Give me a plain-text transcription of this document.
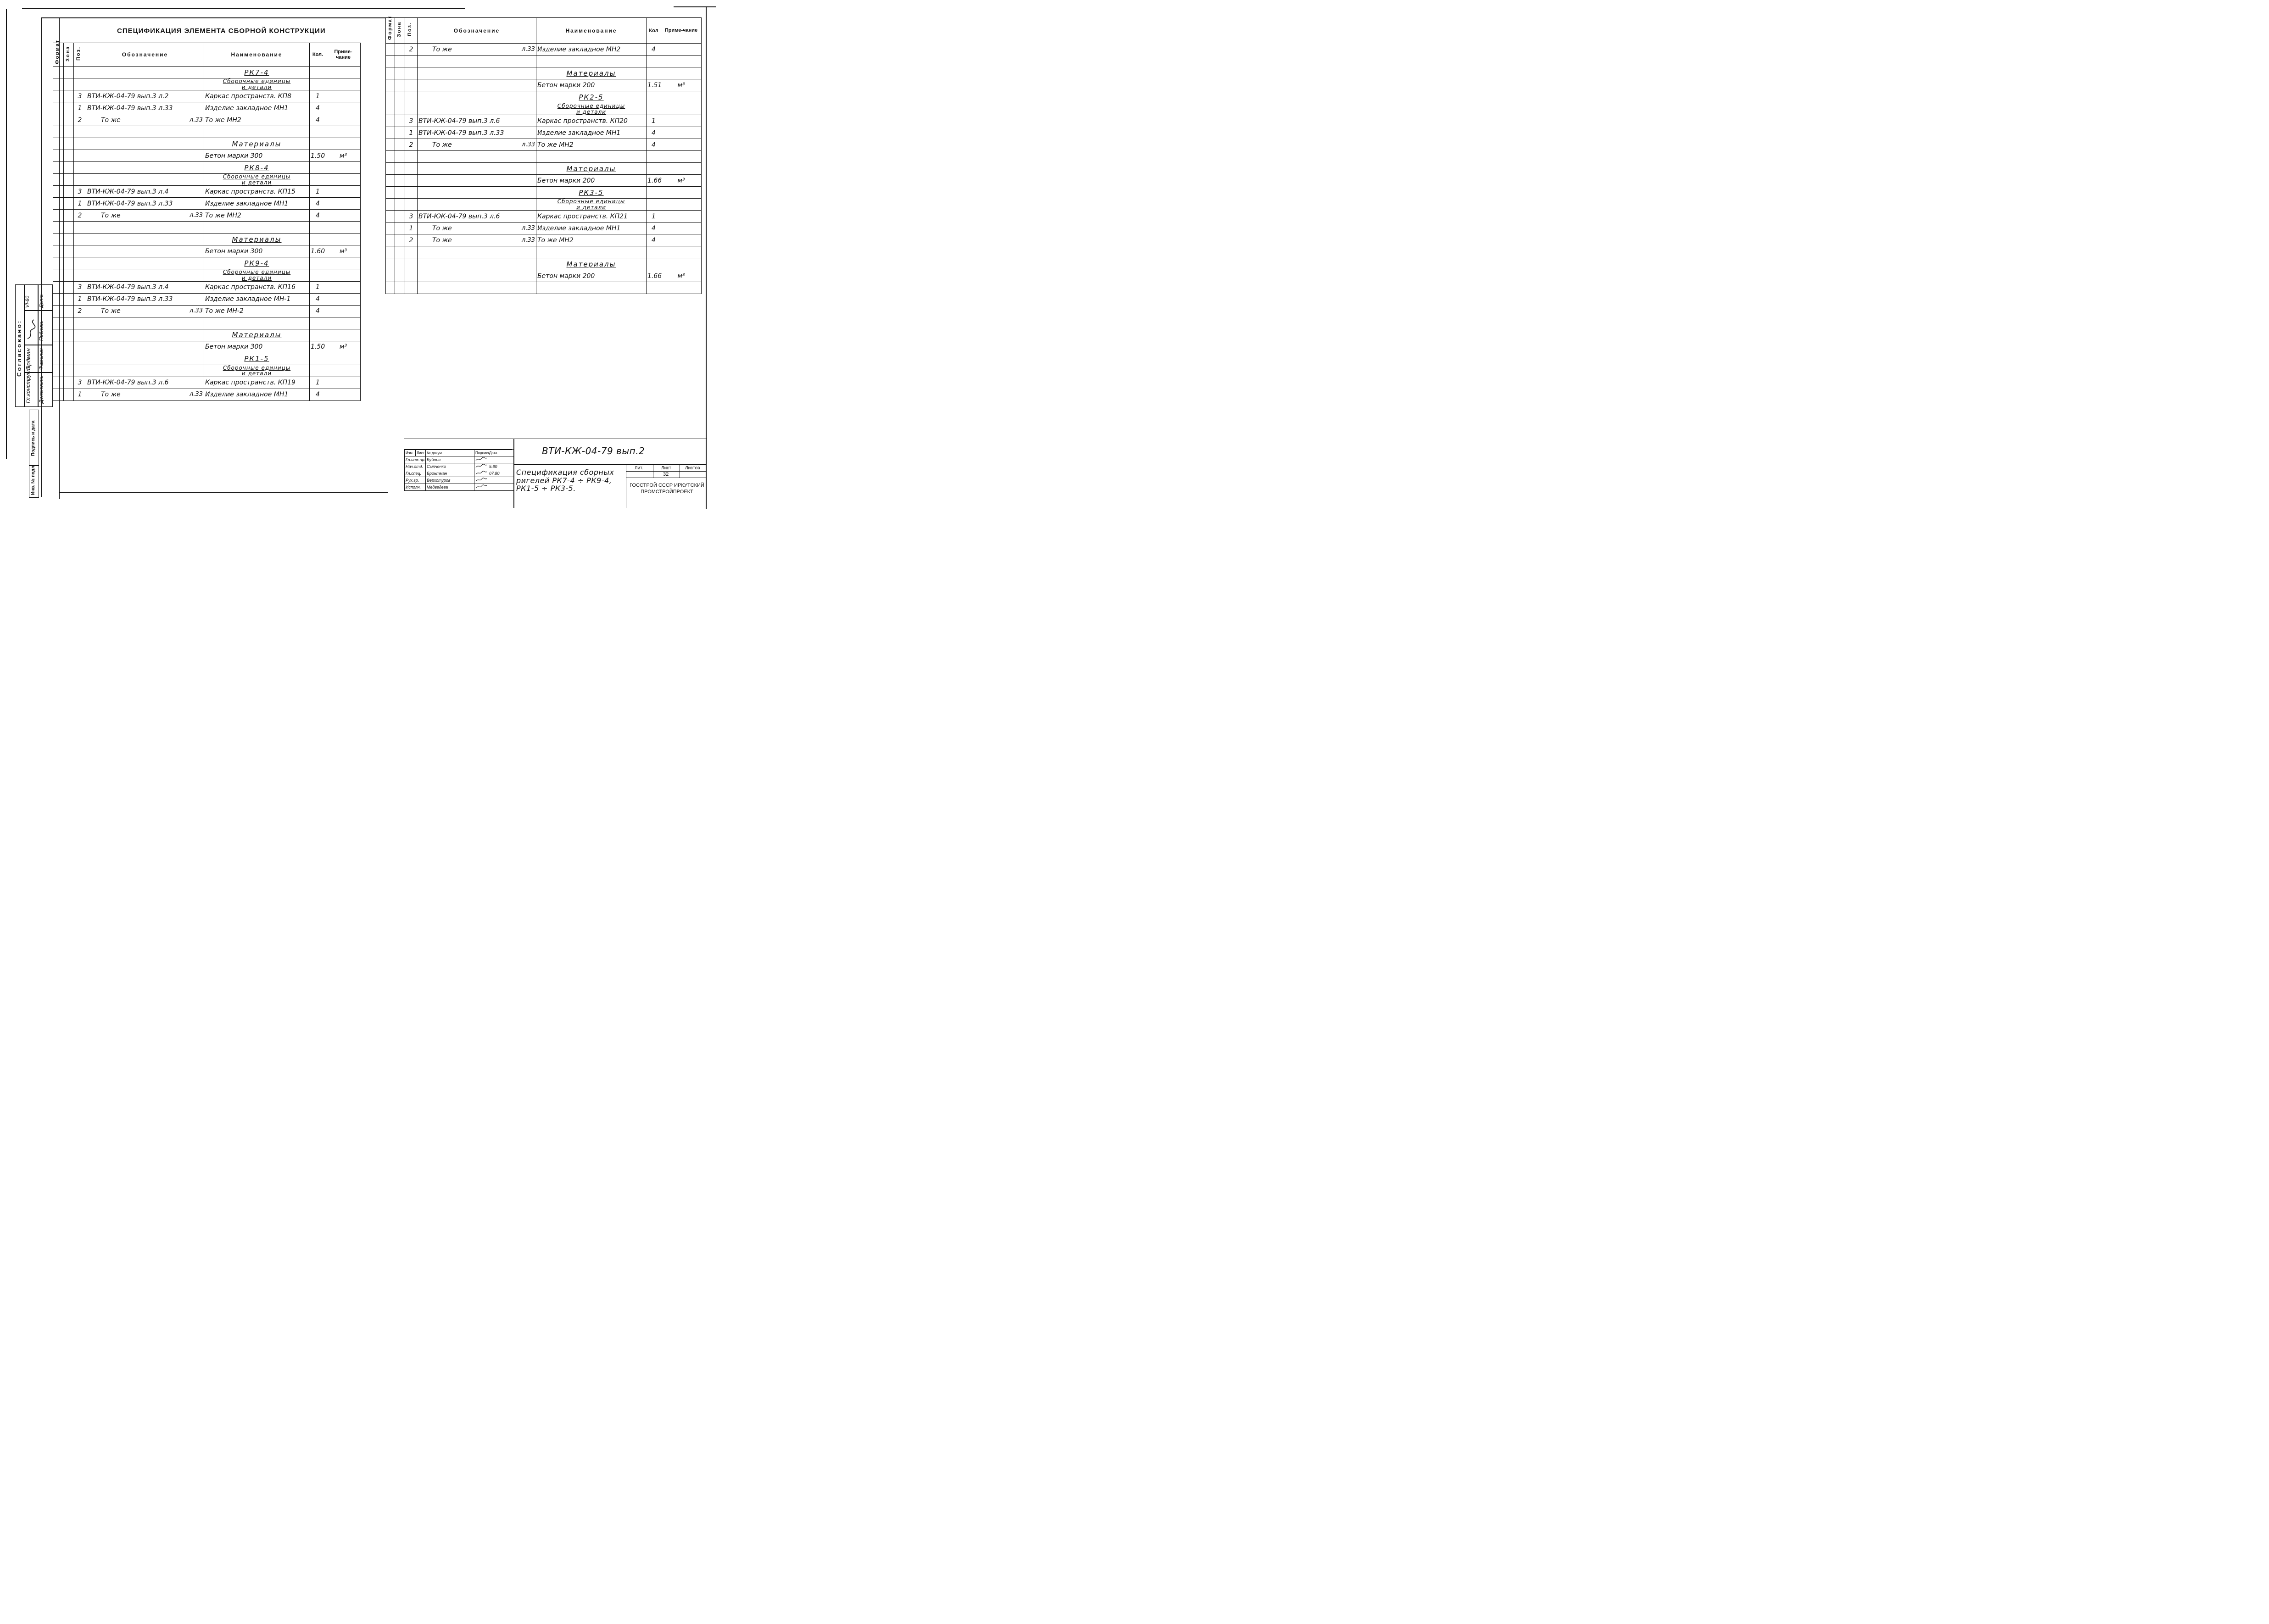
СПЕЦИФИКАЦИЯ ЭЛЕМЕНТА СБОРНОЙ КОНСТРУКЦИИ
Формат	Зона	Поз.	Обозначение	Наименование	Кол.	Приме-чание
				РК7-4		
				Сборочные единицы и детали		
		3	ВТИ-КЖ-04-79 вып.3 л.2	Каркас пространств. КП8	1	
		1	ВТИ-КЖ-04-79 вып.3 л.33	Изделие закладное МН1	4	
		2	То же л.33	То же МН2	4	

				Материалы		
				Бетон марки 300	1.50	м³
				РК8-4		
				Сборочные единицы и детали		
		3	ВТИ-КЖ-04-79 вып.3 л.4	Каркас пространств. КП15	1	
		1	ВТИ-КЖ-04-79 вып.3 л.33	Изделие закладное МН1	4	
		2	То же л.33	То же МН2	4	

				Материалы		
				Бетон марки 300	1.60	м³
				РК9-4		
				Сборочные единицы и детали		
		3	ВТИ-КЖ-04-79 вып.3 л.4	Каркас пространств. КП16	1	
		1	ВТИ-КЖ-04-79 вып.3 л.33	Изделие закладное МН-1	4	
		2	То же л.33	То же МН-2	4	

				Материалы		
				Бетон марки 300	1.50	м³
				РК1-5		
				Сборочные единицы и детали		
		3	ВТИ-КЖ-04-79 вып.3 л.6	Каркас пространств. КП19	1	
		1	То же л.33	Изделие закладное МН1	4	
Формат	Зона	Поз.	Обозначение	Наименование	Кол	Приме-чание
		2	То же л.33	Изделие закладное МН2	4	

				Материалы		
				Бетон марки 200	1.51	м³
				РК2-5		
				Сборочные единицы и детали		
		3	ВТИ-КЖ-04-79 вып.3 л.6	Каркас пространств. КП20	1	
		1	ВТИ-КЖ-04-79 вып.3 л.33	Изделие закладное МН1	4	
		2	То же л.33	То же МН2	4	

				Материалы		
				Бетон марки 200	1.66	м³
				РК3-5		
				Сборочные единицы и детали		
		3	ВТИ-КЖ-04-79 вып.3 л.6	Каркас пространств. КП21	1	
		1	То же л.33	Изделие закладное МН1	4	
		2	То же л.33	То же МН2	4	

				Материалы		
				Бетон марки 200	1.66	м³

Согласовано:
Гл.конструкт.
Эрдман
VI-80
Должность
Фамилия
Подпись
Дата
Подпись и дата
Инв. № подл.
Изм	Лист	№ докум.	Подпись	Дата
Гл.инж.пр.		Бубнов		
Нач.отд.		Сыпченко		5.80
Гл.спец.		Бронтман		07.80
Рук.гр.		Верхотуров		
Исполн.		Медведева		
ВТИ-КЖ-04-79 вып.2
Спецификация сборных ригелей РК7-4 ÷ РК9-4, РК1-5 ÷ РК3-5.
Лит.	Лист	Листов
32
ГОССТРОЙ СССР ИРКУТСКИЙ ПРОМСТРОЙПРОЕКТ
